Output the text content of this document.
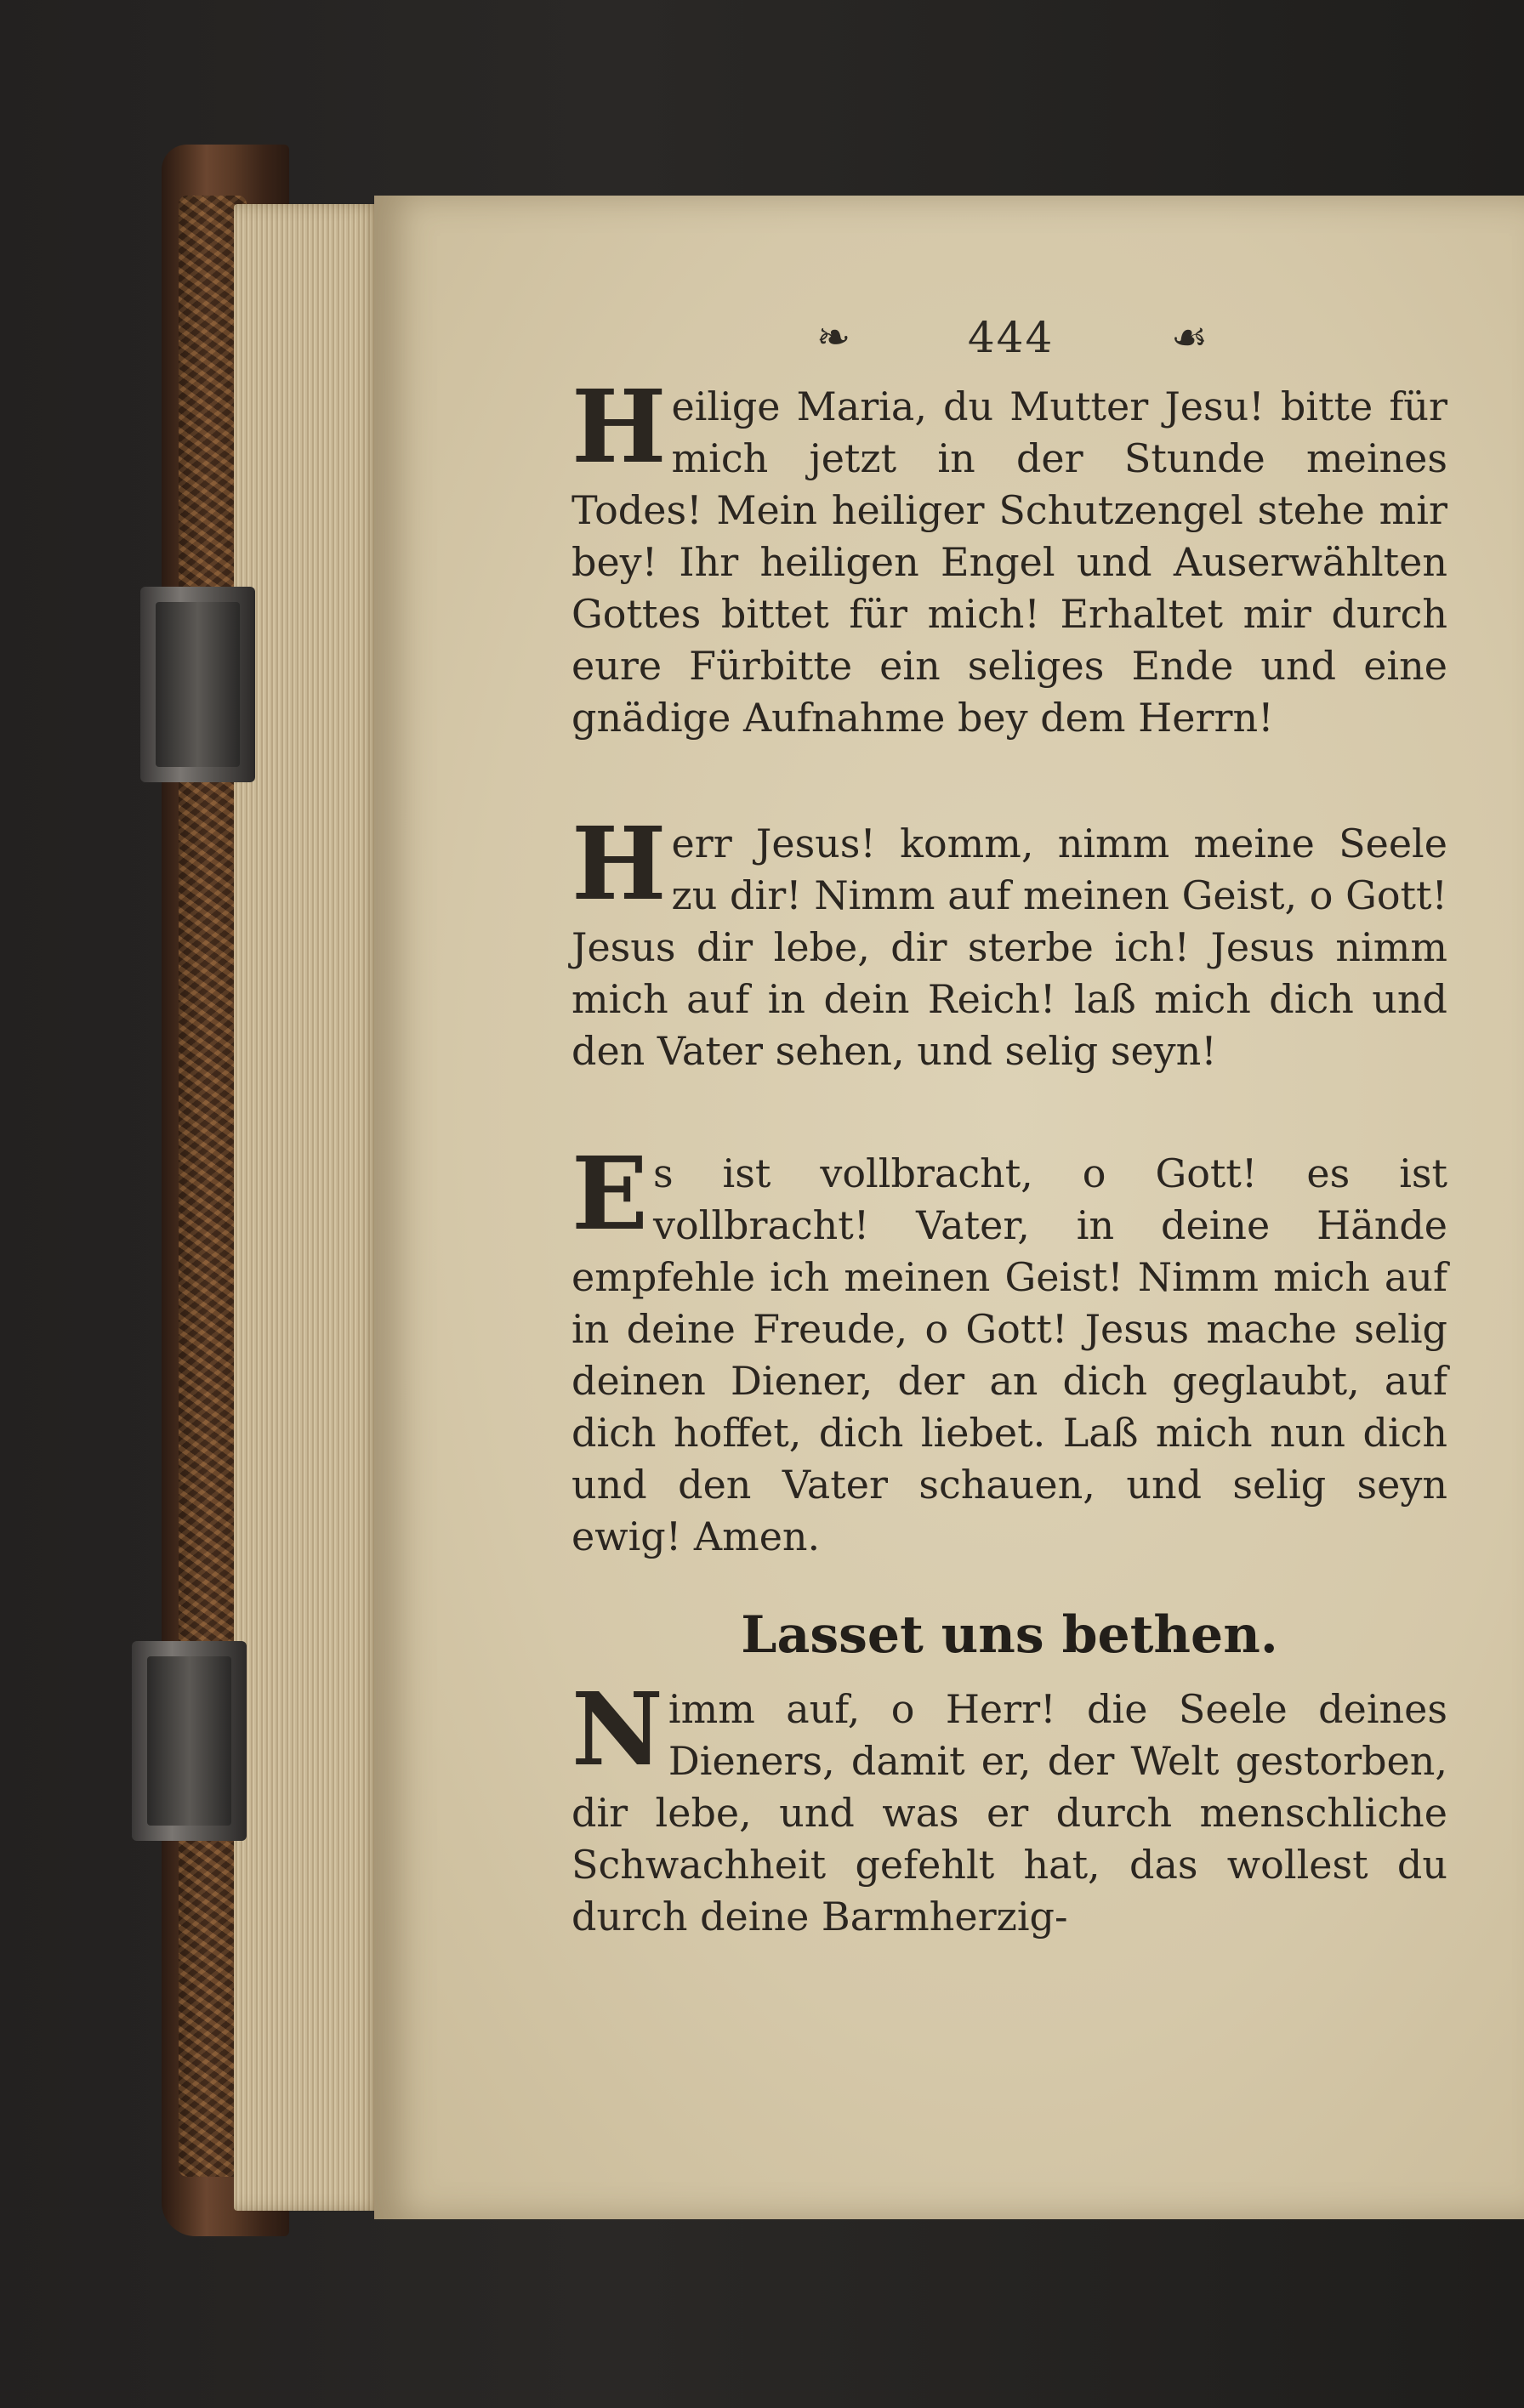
❧	444	☙
Heilige Maria, du Mutter Jesu! bitte für mich jetzt in der Stunde meines Todes! Mein heiliger Schutzengel stehe mir bey! Ihr heiligen Engel und Auserwählten Gottes bittet für mich! Erhaltet mir durch eure Fürbitte ein seliges Ende und eine gnädige Aufnahme bey dem Herrn!
Herr Jesus! komm, nimm meine Seele zu dir! Nimm auf meinen Geist, o Gott! Jesus dir lebe, dir sterbe ich! Jesus nimm mich auf in dein Reich! laß mich dich und den Vater sehen, und selig seyn!
Es ist vollbracht, o Gott! es ist vollbracht! Vater, in deine Hände empfehle ich meinen Geist! Nimm mich auf in deine Freude, o Gott! Jesus mache selig deinen Diener, der an dich geglaubt, auf dich hoffet, dich liebet. Laß mich nun dich und den Vater schauen, und selig seyn ewig! Amen.
Lasset uns bethen.
Nimm auf, o Herr! die Seele deines Dieners, damit er, der Welt gestorben, dir lebe, und was er durch menschliche Schwachheit gefehlt hat, das wollest du durch deine Barmherzig-
